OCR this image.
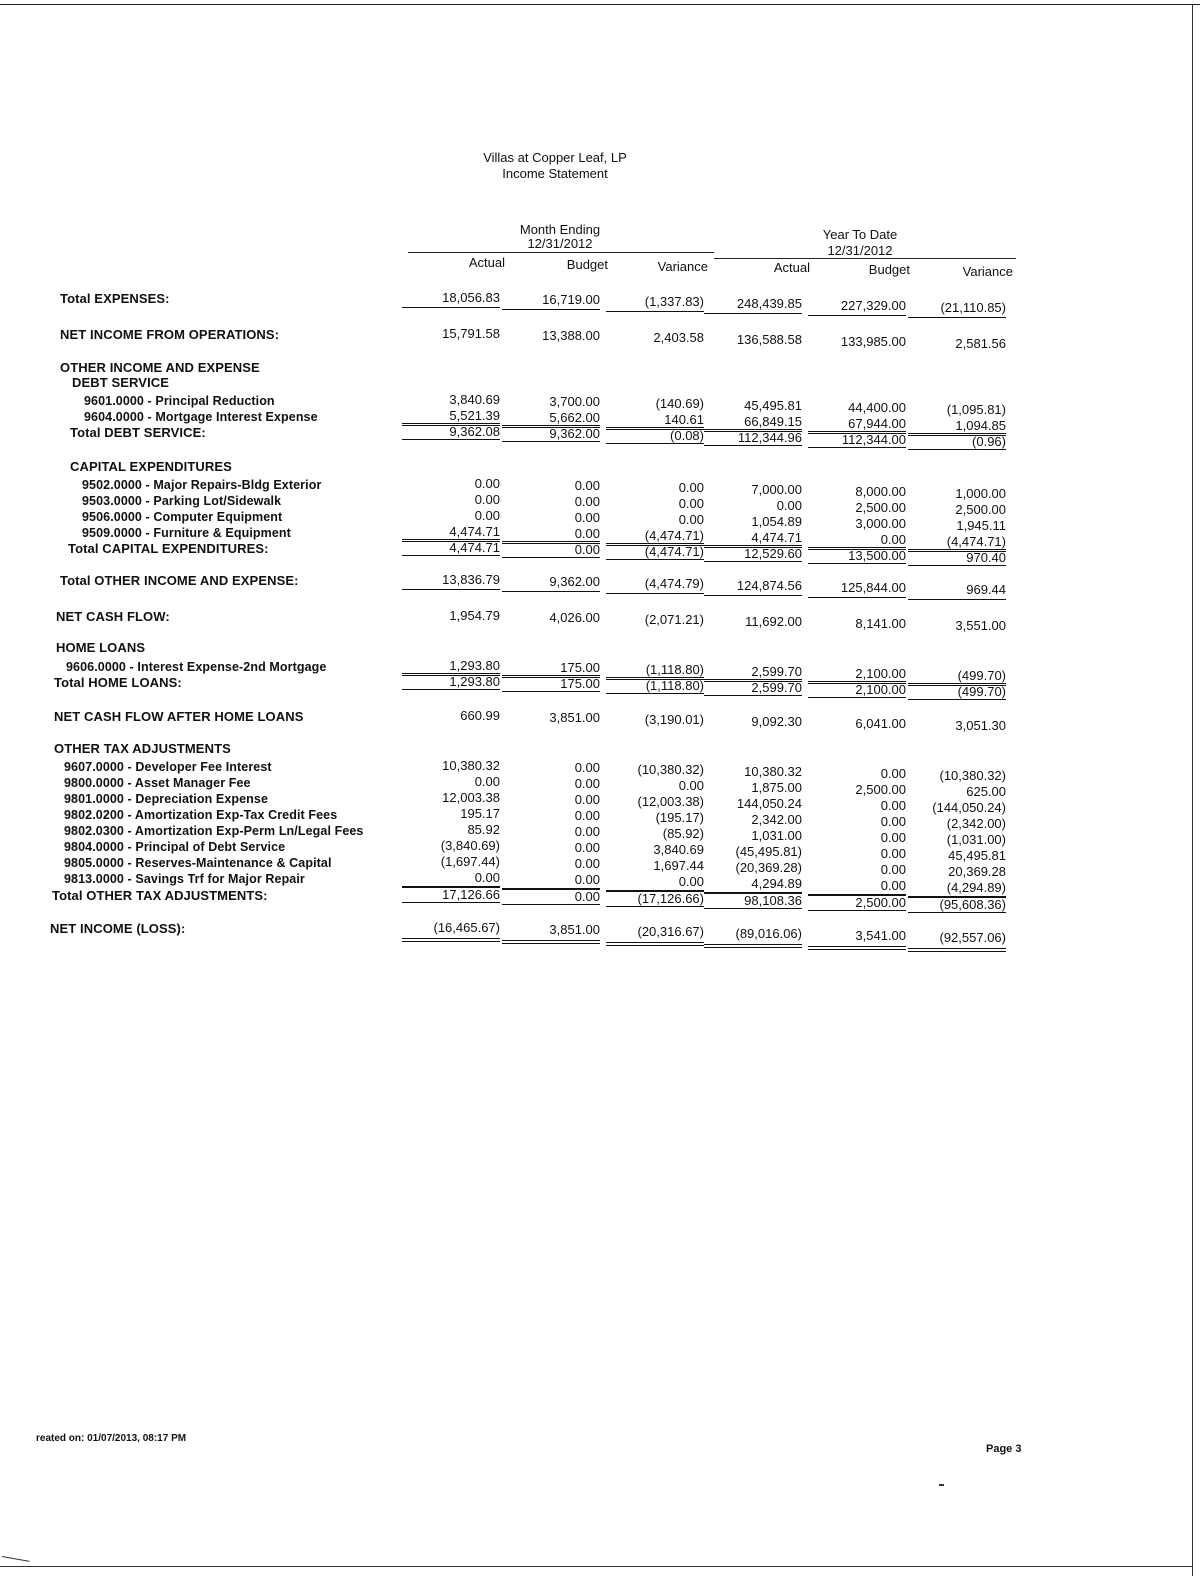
Villas at Copper Leaf, LP
Income Statement
Month Ending
12/31/2012
Year To Date
12/31/2012
Actual	Budget	Variance	Actual	Budget	Variance
Total EXPENSES:	18,056.83	16,719.00	(1,337.83)	248,439.85	227,329.00	(21,110.85)
NET INCOME FROM OPERATIONS:	15,791.58	13,388.00	2,403.58	136,588.58	133,985.00	2,581.56
OTHER INCOME AND EXPENSE
DEBT SERVICE
9601.0000 - Principal Reduction	3,840.69	3,700.00	(140.69)	45,495.81	44,400.00	(1,095.81)
9604.0000 - Mortgage Interest Expense	5,521.39	5,662.00	140.61	66,849.15	67,944.00	1,094.85
Total DEBT SERVICE:	9,362.08	9,362.00	(0.08)	112,344.96	112,344.00	(0.96)
CAPITAL EXPENDITURES
9502.0000 - Major Repairs-Bldg Exterior	0.00	0.00	0.00	7,000.00	8,000.00	1,000.00
9503.0000 - Parking Lot/Sidewalk	0.00	0.00	0.00	0.00	2,500.00	2,500.00
9506.0000 - Computer Equipment	0.00	0.00	0.00	1,054.89	3,000.00	1,945.11
9509.0000 - Furniture & Equipment	4,474.71	0.00	(4,474.71)	4,474.71	0.00	(4,474.71)
Total CAPITAL EXPENDITURES:	4,474.71	0.00	(4,474.71)	12,529.60	13,500.00	970.40
Total OTHER INCOME AND EXPENSE:	13,836.79	9,362.00	(4,474.79)	124,874.56	125,844.00	969.44
NET CASH FLOW:	1,954.79	4,026.00	(2,071.21)	11,692.00	8,141.00	3,551.00
HOME LOANS
9606.0000 - Interest Expense-2nd Mortgage	1,293.80	175.00	(1,118.80)	2,599.70	2,100.00	(499.70)
Total HOME LOANS:	1,293.80	175.00	(1,118.80)	2,599.70	2,100.00	(499.70)
NET CASH FLOW AFTER HOME LOANS	660.99	3,851.00	(3,190.01)	9,092.30	6,041.00	3,051.30
OTHER TAX ADJUSTMENTS
9607.0000 - Developer Fee Interest	10,380.32	0.00	(10,380.32)	10,380.32	0.00	(10,380.32)
9800.0000 - Asset Manager Fee	0.00	0.00	0.00	1,875.00	2,500.00	625.00
9801.0000 - Depreciation Expense	12,003.38	0.00	(12,003.38)	144,050.24	0.00	(144,050.24)
9802.0200 - Amortization Exp-Tax Credit Fees	195.17	0.00	(195.17)	2,342.00	0.00	(2,342.00)
9802.0300 - Amortization Exp-Perm Ln/Legal Fees	85.92	0.00	(85.92)	1,031.00	0.00	(1,031.00)
9804.0000 - Principal of Debt Service	(3,840.69)	0.00	3,840.69	(45,495.81)	0.00	45,495.81
9805.0000 - Reserves-Maintenance & Capital	(1,697.44)	0.00	1,697.44	(20,369.28)	0.00	20,369.28
9813.0000 - Savings Trf for Major Repair	0.00	0.00	0.00	4,294.89	0.00	(4,294.89)
Total OTHER TAX ADJUSTMENTS:	17,126.66	0.00	(17,126.66)	98,108.36	2,500.00	(95,608.36)
NET INCOME (LOSS):	(16,465.67)	3,851.00	(20,316.67)	(89,016.06)	3,541.00	(92,557.06)
reated on: 01/07/2013, 08:17 PM
Page 3
